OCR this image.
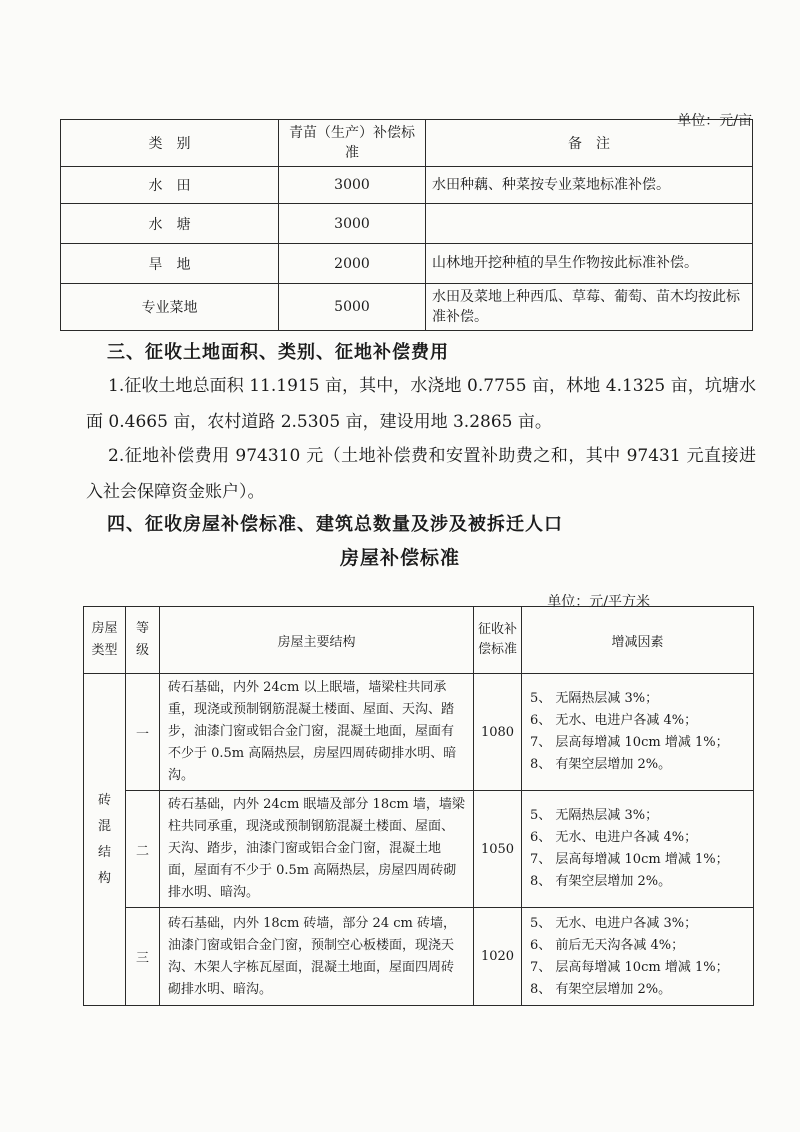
单位：元/亩
类　别	青苗（生产）补偿标准	备　注
水　田	3000	水田种藕、种菜按专业菜地标准补偿。
水　塘	3000	
旱　地	2000	山林地开挖种植的旱生作物按此标准补偿。
专业菜地	5000	水田及菜地上种西瓜、草莓、葡萄、苗木均按此标准补偿。
三、征收土地面积、类别、征地补偿费用
1.征收土地总面积 11.1915 亩，其中，水浇地 0.7755 亩，林地 4.1325 亩，坑塘水面 0.4665 亩，农村道路 2.5305 亩，建设用地 3.2865 亩。
2.征地补偿费用 974310 元（土地补偿费和安置补助费之和，其中 97431 元直接进入社会保障资金账户）。
四、征收房屋补偿标准、建筑总数量及涉及被拆迁人口
房屋补偿标准
单位：元/平方米
房屋类型	等级	房屋主要结构	征收补偿标准	增减因素
砖混结构	一	砖石基础，内外 24cm 以上眠墙，墙梁柱共同承重，现浇或预制钢筋混凝土楼面、屋面、天沟、踏步，油漆门窗或铝合金门窗，混凝土地面，屋面有不少于 0.5m 高隔热层，房屋四周砖砌排水明、暗沟。	1080	5、 无隔热层减 3%；
6、 无水、电进户各减 4%；
7、 层高每增减 10cm 增减 1%；
8、 有架空层增加 2%。

	二	砖石基础，内外 24cm 眠墙及部分 18cm 墙，墙梁柱共同承重，现浇或预制钢筋混凝土楼面、屋面、天沟、踏步，油漆门窗或铝合金门窗，混凝土地面，屋面有不少于 0.5m 高隔热层，房屋四周砖砌排水明、暗沟。	1050	5、 无隔热层减 3%；
6、 无水、电进户各减 4%；
7、 层高每增减 10cm 增减 1%；
8、 有架空层增加 2%。

	三	砖石基础，内外 18cm 砖墙，部分 24 cm 砖墙，油漆门窗或铝合金门窗，预制空心板楼面，现浇天沟、木架人字栋瓦屋面，混凝土地面，屋面四周砖砌排水明、暗沟。	1020	5、 无水、电进户各减 3%；
6、 前后无天沟各减 4%；
7、 层高每增减 10cm 增减 1%；
8、 有架空层增加 2%。
